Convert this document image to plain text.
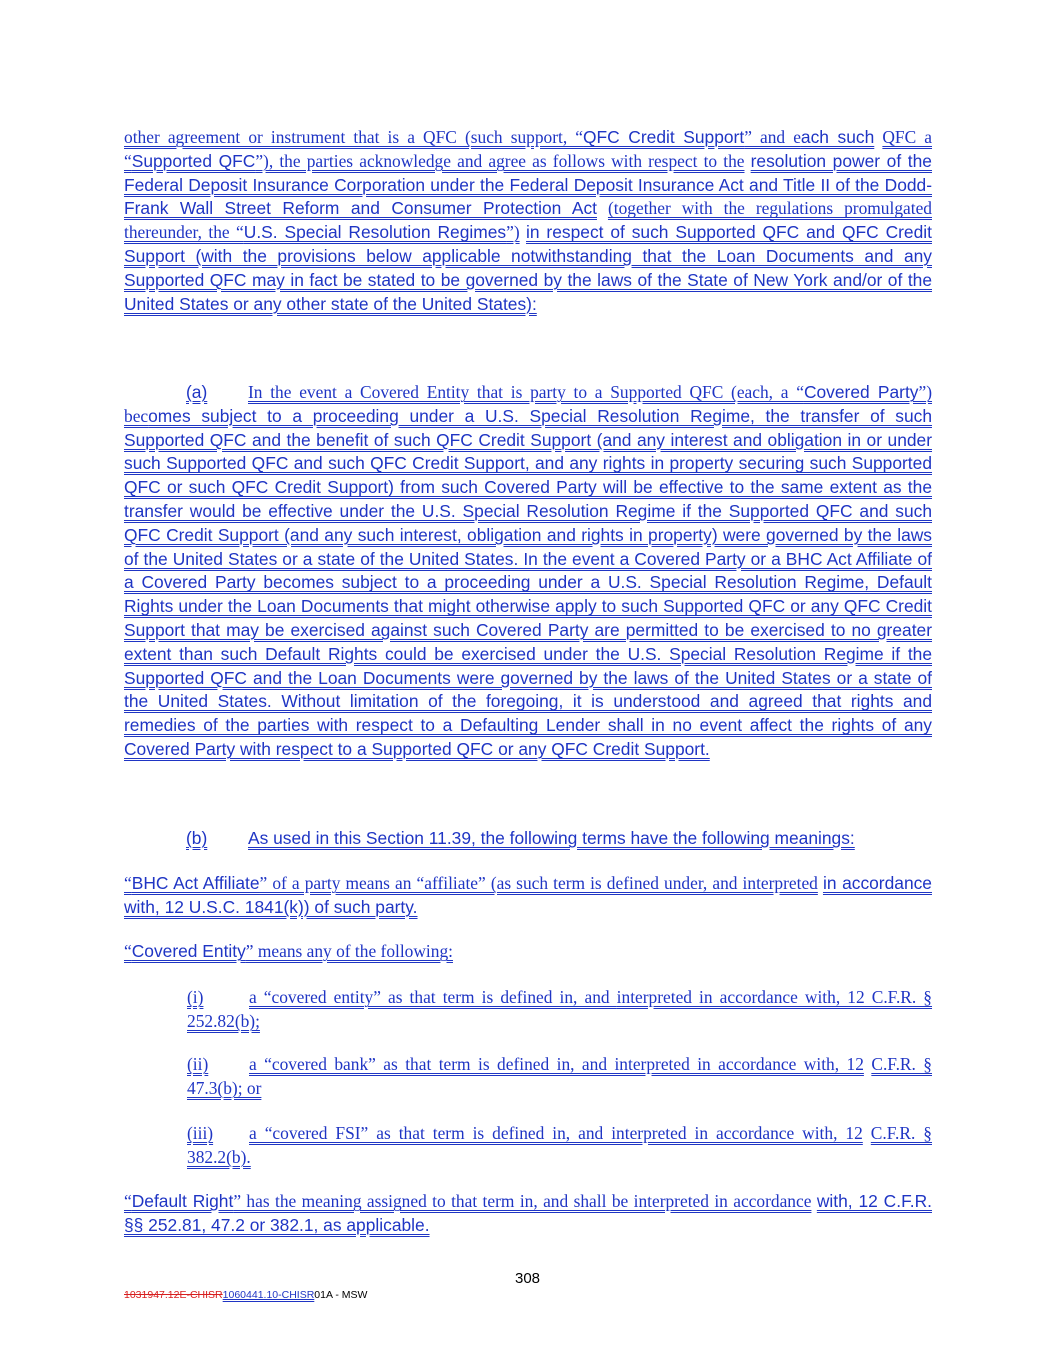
other agreement or instrument that is a QFC (such support, “QFC Credit Support” and each such QFC a “Supported QFC”), the parties acknowledge and agree as follows with respect to the resolution power of the Federal Deposit Insurance Corporation under the Federal Deposit Insurance Act and Title II of the Dodd-Frank Wall Street Reform and Consumer Protection Act (together with the regulations promulgated thereunder, the “U.S. Special Resolution Regimes”) in respect of such Supported QFC and QFC Credit Support (with the provisions below applicable notwithstanding that the Loan Documents and any Supported QFC may in fact be stated to be governed by the laws of the State of New York and/or of the United States or any other state of the United States):
(a) In the event a Covered Entity that is party to a Supported QFC (each, a “Covered Party”) becomes subject to a proceeding under a U.S. Special Resolution Regime, the transfer of such Supported QFC and the benefit of such QFC Credit Support (and any interest and obligation in or under such Supported QFC and such QFC Credit Support, and any rights in property securing such Supported QFC or such QFC Credit Support) from such Covered Party will be effective to the same extent as the transfer would be effective under the U.S. Special Resolution Regime if the Supported QFC and such QFC Credit Support (and any such interest, obligation and rights in property) were governed by the laws of the United States or a state of the United States. In the event a Covered Party or a BHC Act Affiliate of a Covered Party becomes subject to a proceeding under a U.S. Special Resolution Regime, Default Rights under the Loan Documents that might otherwise apply to such Supported QFC or any QFC Credit Support that may be exercised against such Covered Party are permitted to be exercised to no greater extent than such Default Rights could be exercised under the U.S. Special Resolution Regime if the Supported QFC and the Loan Documents were governed by the laws of the United States or a state of the United States. Without limitation of the foregoing, it is understood and agreed that rights and remedies of the parties with respect to a Defaulting Lender shall in no event affect the rights of any Covered Party with respect to a Supported QFC or any QFC Credit Support.
(b) As used in this Section 11.39, the following terms have the following meanings:
“BHC Act Affiliate” of a party means an “affiliate” (as such term is defined under, and interpreted in accordance with, 12 U.S.C. 1841(k)) of such party.
“Covered Entity” means any of the following:
(i)	a “covered entity” as that term is defined in, and interpreted in accordance with, 12 C.F.R. § 252.82(b);
(ii) a “covered bank” as that term is defined in, and interpreted in accordance with, 12 C.F.R. § 47.3(b); or
(iii) a “covered FSI” as that term is defined in, and interpreted in accordance with, 12 C.F.R. § 382.2(b).
“Default Right” has the meaning assigned to that term in, and shall be interpreted in accordance with, 12 C.F.R. §§ 252.81, 47.2 or 382.1, as applicable.
308
1031947.12E-CHISR1060441.10-CHISR01A - MSW
